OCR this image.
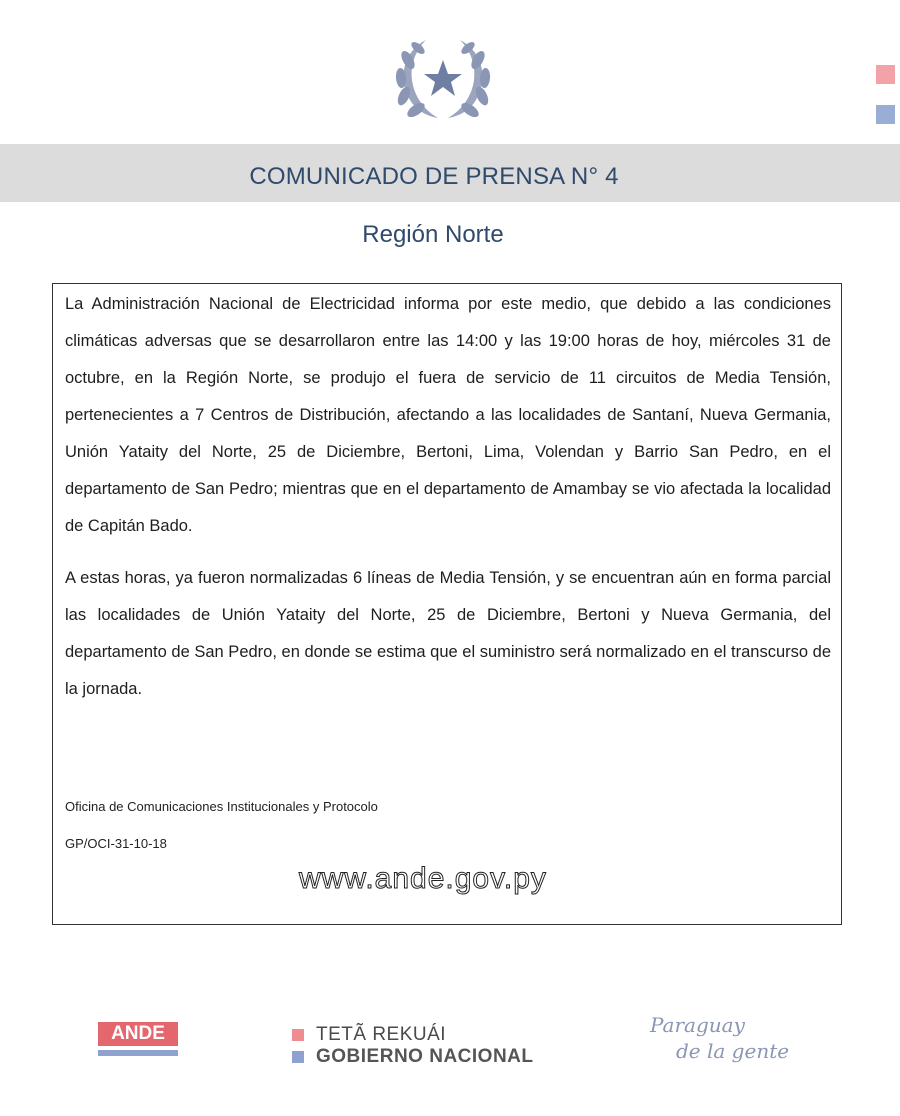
COMUNICADO DE PRENSA N° 4
Región Norte

La Administración Nacional de Electricidad informa por este medio, que debido a las condiciones climáticas adversas que se desarrollaron entre las 14:00 y las 19:00 horas de hoy, miércoles 31 de octubre, en la Región Norte, se produjo el fuera de servicio de 11 circuitos de Media Tensión, pertenecientes a 7 Centros de Distribución, afectando a las localidades de Santaní, Nueva Germania, Unión Yataity del Norte, 25 de Diciembre, Bertoni, Lima, Volendan y Barrio San Pedro, en el departamento de San Pedro; mientras que en el departamento de Amambay se vio afectada la localidad de Capitán Bado.

A estas horas, ya fueron normalizadas 6 líneas de Media Tensión, y se encuentran aún en forma parcial las localidades de Unión Yataity del Norte, 25 de Diciembre, Bertoni y Nueva Germania, del departamento de San Pedro, en donde se estima que el suministro será normalizado en el transcurso de la jornada.

Oficina de Comunicaciones Institucionales y Protocolo
GP/OCI-31-10-18
www.ande.gov.py
ANDE	TETÃ REKUÁI
GOBIERNO NACIONAL
Paraguay
de la gente
